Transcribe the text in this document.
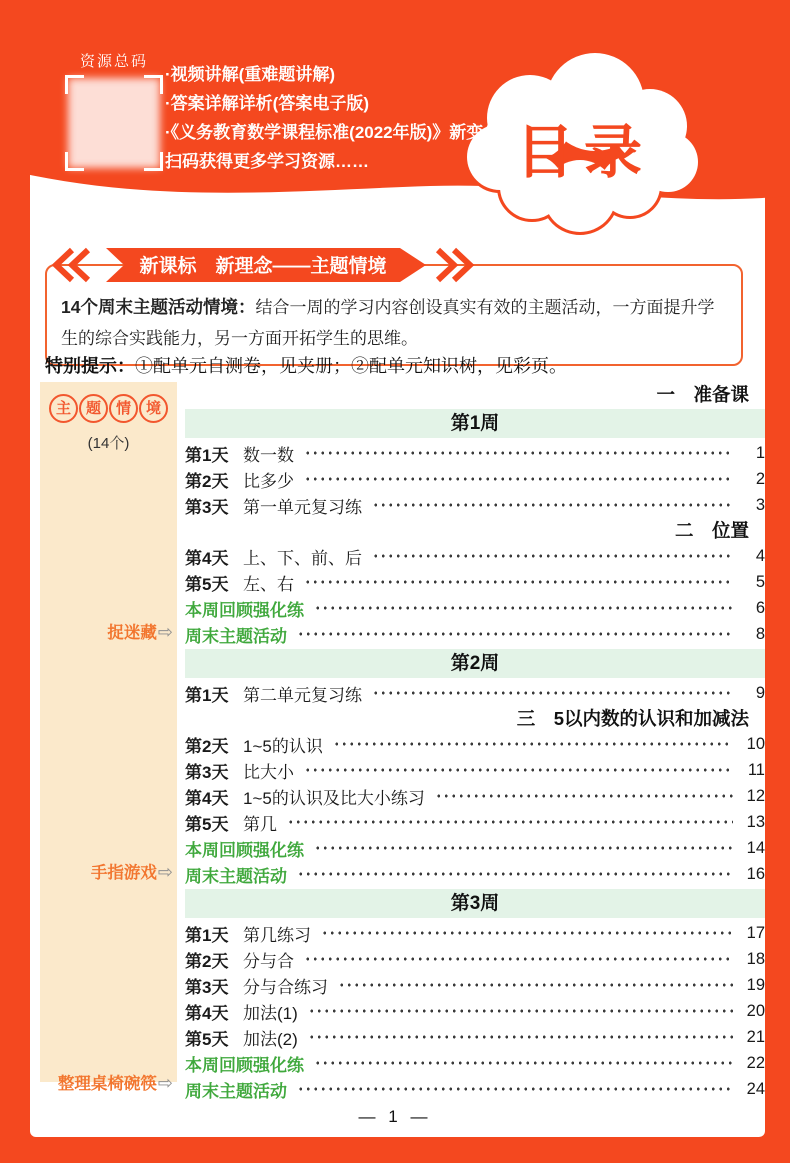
目录
资源总码
·视频讲解(重难题讲解)
·答案详解详析(答案电子版)
·《义务教育数学课程标准(2022年版)》新变化
扫码获得更多学习资源……
新课标　新理念——主题情境
14个周末主题活动情境：结合一周的学习内容创设真实有效的主题活动，一方面提升学生的综合实践能力，另一方面开拓学生的思维。
特别提示：①配单元自测卷，见夹册；②配单元知识树，见彩页。
主 题 情 境
(14个)
捉迷藏⇨
手指游戏⇨
整理桌椅碗筷⇨
一　准备课
第1周
第1天 数一数	1
第2天 比多少	2
第3天 第一单元复习练	3
二　位置
第4天 上、下、前、后	4
第5天 左、右	5
本周回顾强化练	6
周末主题活动	8
第2周
第1天 第二单元复习练	9
三　5以内数的认识和加减法
第2天 1~5的认识	10
第3天 比大小	11
第4天 1~5的认识及比大小练习	12
第5天 第几	13
本周回顾强化练	14
周末主题活动	16
第3周
第1天 第几练习	17
第2天 分与合	18
第3天 分与合练习	19
第4天 加法(1)	20
第5天 加法(2)	21
本周回顾强化练	22
周末主题活动	24
— 1 —
